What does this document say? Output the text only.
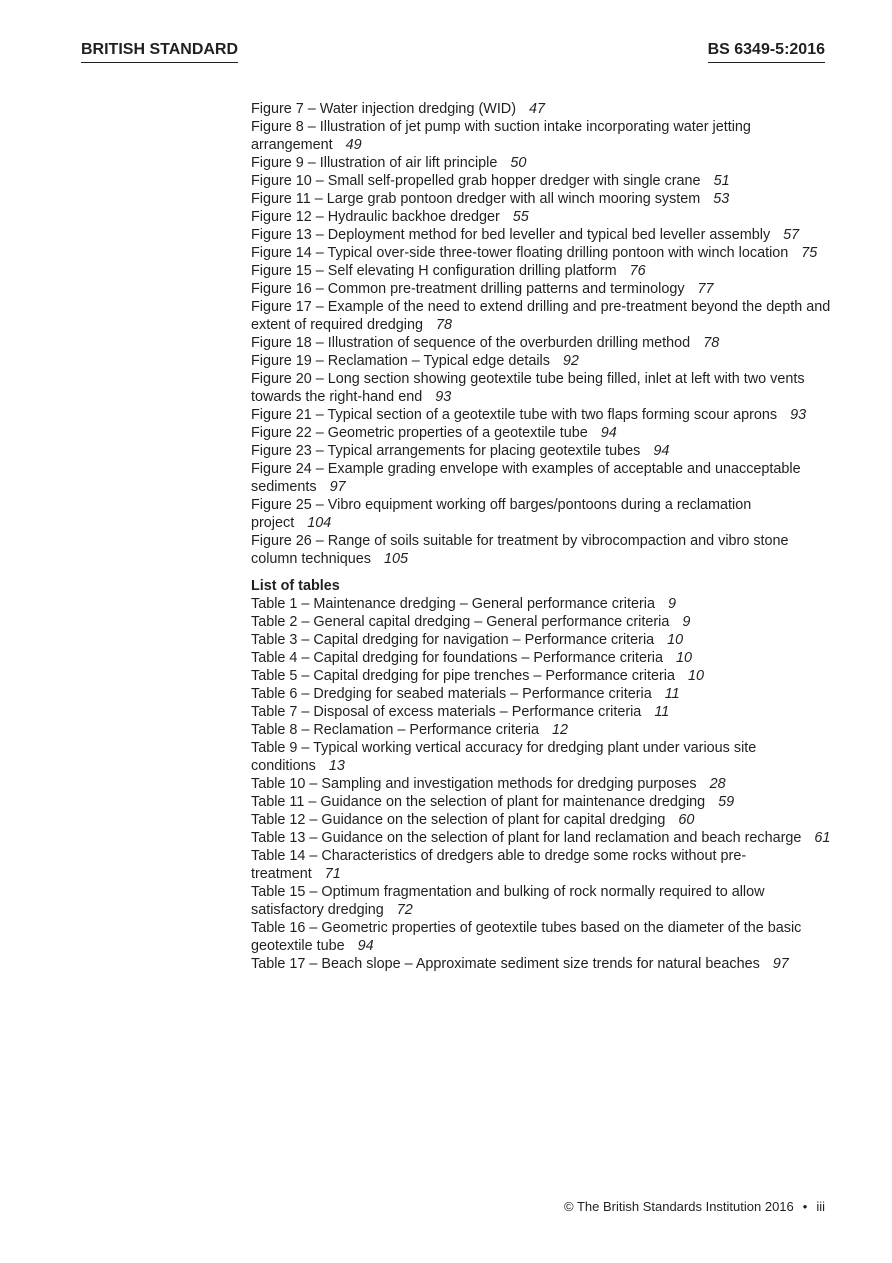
BRITISH STANDARD	BS 6349-5:2016
Figure 7 – Water injection dredging (WID) 47
Figure 8 – Illustration of jet pump with suction intake incorporating water jetting arrangement 49
Figure 9 – Illustration of air lift principle 50
Figure 10 – Small self-propelled grab hopper dredger with single crane 51
Figure 11 – Large grab pontoon dredger with all winch mooring system 53
Figure 12 – Hydraulic backhoe dredger 55
Figure 13 – Deployment method for bed leveller and typical bed leveller assembly 57
Figure 14 – Typical over-side three-tower floating drilling pontoon with winch location 75
Figure 15 – Self elevating H configuration drilling platform 76
Figure 16 – Common pre-treatment drilling patterns and terminology 77
Figure 17 – Example of the need to extend drilling and pre-treatment beyond the depth and extent of required dredging 78
Figure 18 – Illustration of sequence of the overburden drilling method 78
Figure 19 – Reclamation – Typical edge details 92
Figure 20 – Long section showing geotextile tube being filled, inlet at left with two vents towards the right-hand end 93
Figure 21 – Typical section of a geotextile tube with two flaps forming scour aprons 93
Figure 22 – Geometric properties of a geotextile tube 94
Figure 23 – Typical arrangements for placing geotextile tubes 94
Figure 24 – Example grading envelope with examples of acceptable and unacceptable sediments 97
Figure 25 – Vibro equipment working off barges/pontoons during a reclamation project 104
Figure 26 – Range of soils suitable for treatment by vibrocompaction and vibro stone column techniques 105
List of tables
Table 1 – Maintenance dredging – General performance criteria 9
Table 2 – General capital dredging – General performance criteria 9
Table 3 – Capital dredging for navigation – Performance criteria 10
Table 4 – Capital dredging for foundations – Performance criteria 10
Table 5 – Capital dredging for pipe trenches – Performance criteria 10
Table 6 – Dredging for seabed materials – Performance criteria 11
Table 7 – Disposal of excess materials – Performance criteria 11
Table 8 – Reclamation – Performance criteria 12
Table 9 – Typical working vertical accuracy for dredging plant under various site conditions 13
Table 10 – Sampling and investigation methods for dredging purposes 28
Table 11 – Guidance on the selection of plant for maintenance dredging 59
Table 12 – Guidance on the selection of plant for capital dredging 60
Table 13 – Guidance on the selection of plant for land reclamation and beach recharge 61
Table 14 – Characteristics of dredgers able to dredge some rocks without pre-treatment 71
Table 15 – Optimum fragmentation and bulking of rock normally required to allow satisfactory dredging 72
Table 16 – Geometric properties of geotextile tubes based on the diameter of the basic geotextile tube 94
Table 17 – Beach slope – Approximate sediment size trends for natural beaches 97
© The British Standards Institution 2016 • iii
